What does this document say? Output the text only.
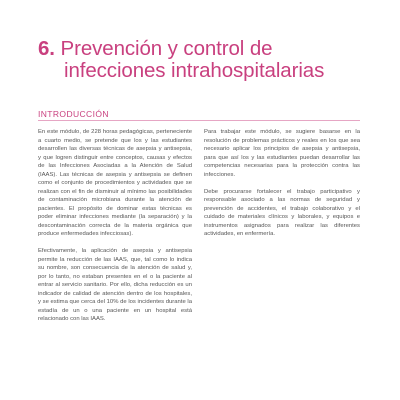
6. Prevención y control de
infecciones intrahospitalarias
INTRODUCCIÓN

En este módulo, de 228 horas pedagógicas, perteneciente a cuarto medio, se pretende que los y las estudiantes desarrollen las diversas técnicas de asepsia y antisepsia, y que logren distinguir entre conceptos, causas y efectos de las Infecciones Asociadas a la Atención de Salud (IAAS). Las técnicas de asepsia y antisepsia se definen como el conjunto de procedimientos y actividades que se realizan con el fin de disminuir al mínimo las posibilidades de contaminación microbiana durante la atención de pacientes. El propósito de dominar estas técnicas es poder eliminar infecciones mediante (la separación) y la descontaminación correcta de la materia orgánica que produce enfermedades infecciosas).

Efectivamente, la aplicación de asepsia y antisepsia permite la reducción de las IAAS, que, tal como lo indica su nombre, son consecuencia de la atención de salud y, por lo tanto, no estaban presentes en el o la paciente al entrar al servicio sanitario. Por ello, dicha reducción es un indicador de calidad de atención dentro de los hospitales, y se estima que cerca del 10% de los incidentes durante la estadía de un o una paciente en un hospital está relacionado con las IAAS.

Para trabajar este módulo, se sugiere basarse en la resolución de problemas prácticos y reales en los que sea necesario aplicar los principios de asepsia y antisepsia, para que así los y las estudiantes puedan desarrollar las competencias necesarias para la protección contra las infecciones.

Debe procurarse fortalecer el trabajo participativo y responsable asociado a las normas de seguridad y prevención de accidentes, el trabajo colaborativo y el cuidado de materiales clínicos y laborales, y equipos e instrumentos asignados para realizar las diferentes actividades, en enfermería.
